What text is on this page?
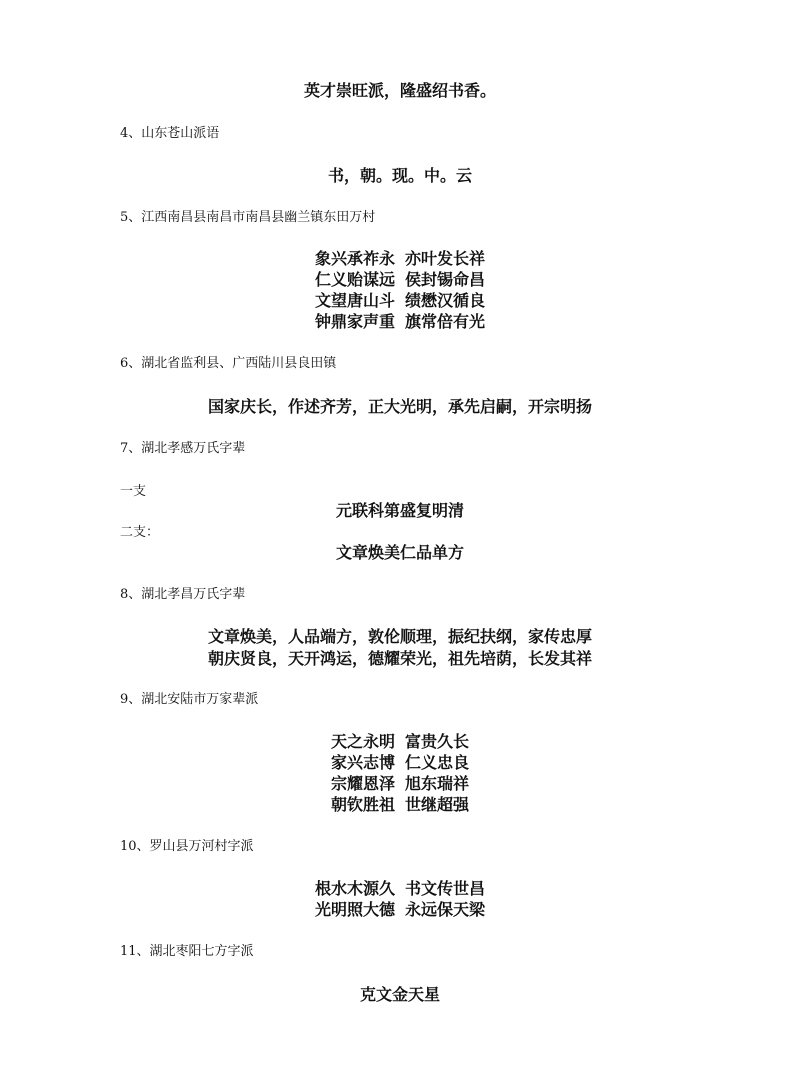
英才崇旺派，隆盛绍书香。
4、山东苍山派语
书，朝。现。中。云
5、江西南昌县南昌市南昌县幽兰镇东田万村
象兴承祚永 亦叶发长祥
仁义贻谋远 侯封锡命昌
文望唐山斗 绩懋汉循良
钟鼎家声重 旗常倍有光
6、湖北省监利县、广西陆川县良田镇
国家庆长，作述齐芳，正大光明，承先启嗣，开宗明扬
7、湖北孝感万氏字辈
一支
元联科第盛复明清
二支：
文章焕美仁品单方
8、湖北孝昌万氏字辈
文章焕美，人品端方，敦伦顺理，振纪扶纲，家传忠厚
朝庆贤良，天开鸿运，德耀荣光，祖先培荫，长发其祥
9、湖北安陆市万家辈派
天之永明 富贵久长
家兴志博 仁义忠良
宗耀恩泽 旭东瑞祥
朝钦胜祖 世继超强
10、罗山县万河村字派
根水木源久 书文传世昌
光明照大德 永远保天梁
11、湖北枣阳七方字派
克文金天星
